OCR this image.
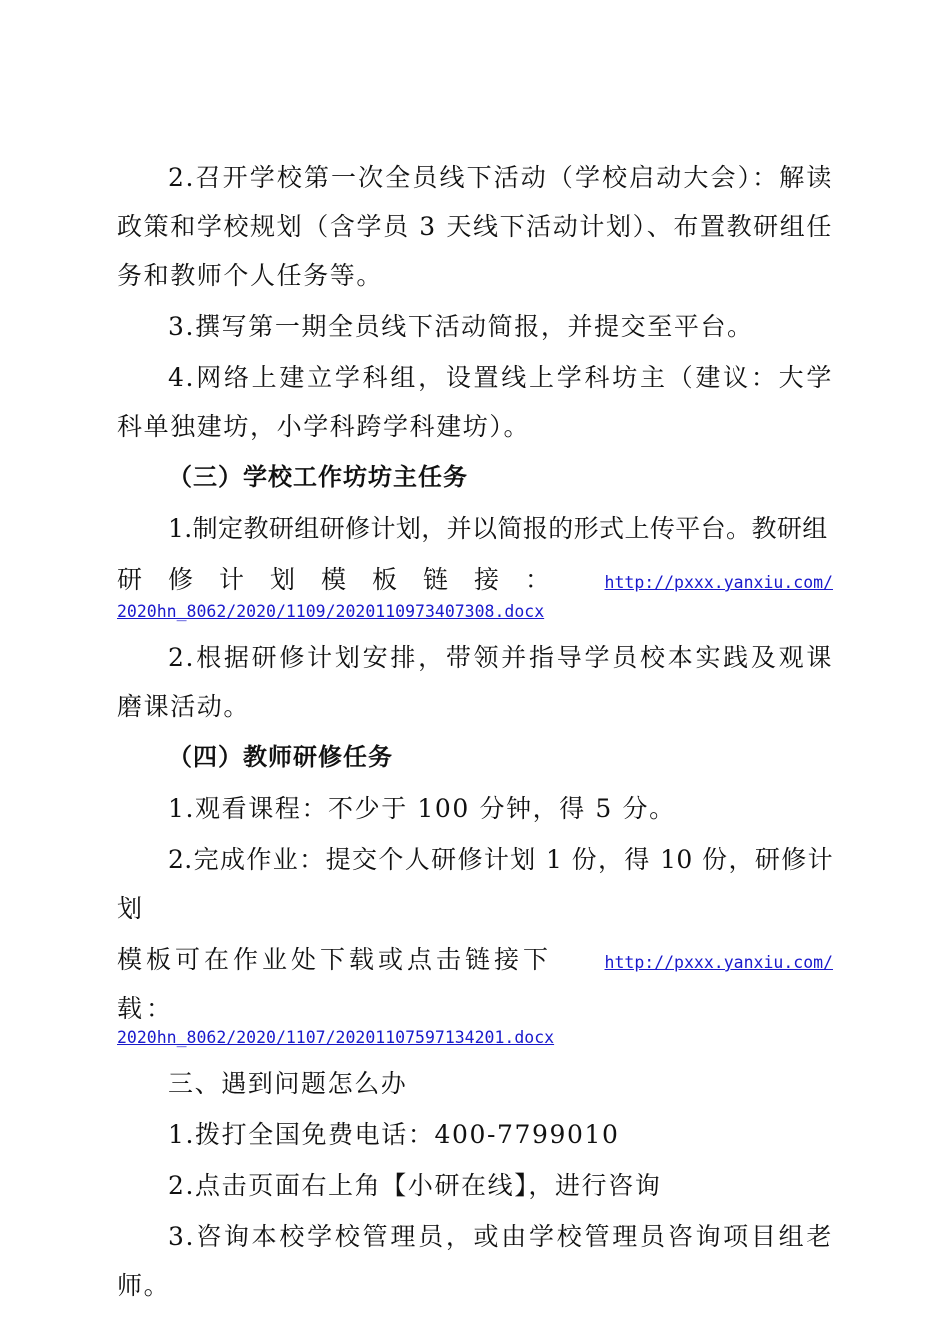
2.召开学校第一次全员线下活动（学校启动大会）：解读政策和学校规划（含学员 3 天线下活动计划）、布置教研组任务和教师个人任务等。

3.撰写第一期全员线下活动简报，并提交至平台。

4.网络上建立学科组，设置线上学科坊主（建议：大学科单独建坊，小学科跨学科建坊）。

（三）学校工作坊坊主任务

1.制定教研组研修计划，并以简报的形式上传平台。教研组

研修计划模板链接： http://pxxx.yanxiu.com/
2020hn_8062/2020/1109/2020110973407308.docx

2.根据研修计划安排，带领并指导学员校本实践及观课磨课活动。

（四）教师研修任务

1.观看课程：不少于 100 分钟，得 5 分。

2.完成作业：提交个人研修计划 1 份，得 10 份，研修计划

模板可在作业处下载或点击链接下载：
http://pxxx.yanxiu.com/
2020hn_8062/2020/1107/20201107597134201.docx

三、遇到问题怎么办

1.拨打全国免费电话：400-7799010

2.点击页面右上角【小研在线】，进行咨询

3.咨询本校学校管理员，或由学校管理员咨询项目组老师。
